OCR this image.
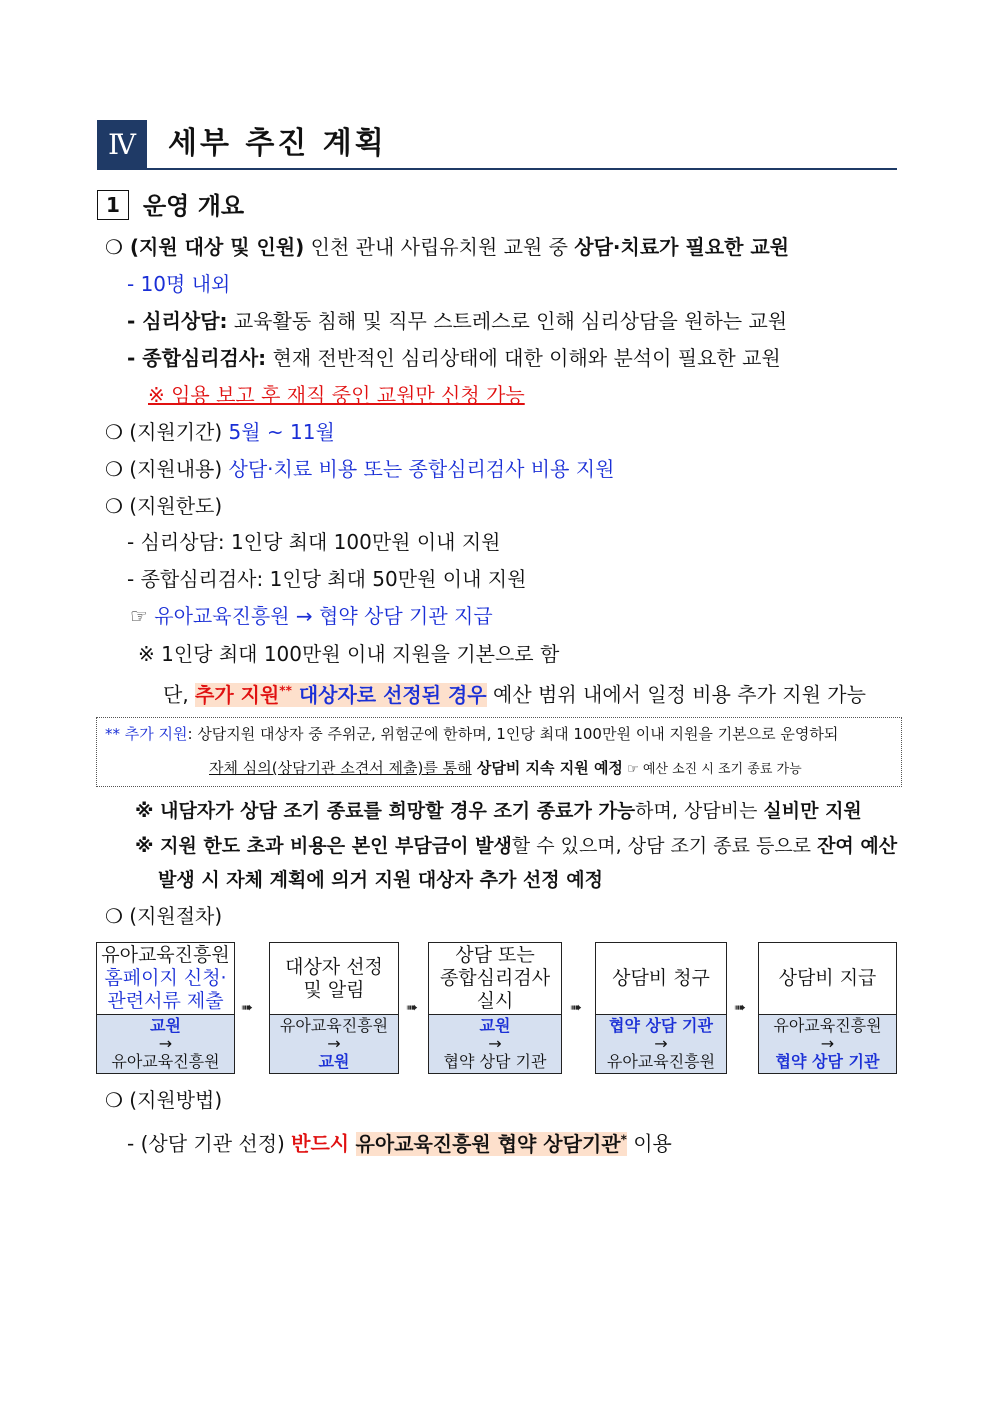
Ⅳ	세부 추진 계획
1 운영 개요
❍ (지원 대상 및 인원) 인천 관내 사립유치원 교원 중 상담·치료가 필요한 교원
- 10명 내외
- 심리상담: 교육활동 침해 및 직무 스트레스로 인해 심리상담을 원하는 교원
- 종합심리검사: 현재 전반적인 심리상태에 대한 이해와 분석이 필요한 교원
※ 임용 보고 후 재직 중인 교원만 신청 가능
❍ (지원기간) 5월 ~ 11월
❍ (지원내용) 상담·치료 비용 또는 종합심리검사 비용 지원
❍ (지원한도)
- 심리상담: 1인당 최대 100만원 이내 지원
- 종합심리검사: 1인당 최대 50만원 이내 지원
☞ 유아교육진흥원 → 협약 상담 기관 지급
※ 1인당 최대 100만원 이내 지원을 기본으로 함
단, 추가 지원** 대상자로 선정된 경우 예산 범위 내에서 일정 비용 추가 지원 가능
** 추가 지원: 상담지원 대상자 중 주위군, 위험군에 한하며, 1인당 최대 100만원 이내 지원을 기본으로 운영하되
자체 심의(상담기관 소견서 제출)를 통해 상담비 지속 지원 예정 ☞ 예산 소진 시 조기 종료 가능
※ 내담자가 상담 조기 종료를 희망할 경우 조기 종료가 가능하며, 상담비는 실비만 지원
※ 지원 한도 초과 비용은 본인 부담금이 발생할 수 있으며, 상담 조기 종료 등으로 잔여 예산
발생 시 자체 계획에 의거 지원 대상자 추가 선정 예정
❍ (지원절차)
유아교육진흥원
홈페이지 신청·
관련서류 제출
교원
→
유아교육진흥원
➠
대상자 선정
및 알림
유아교육진흥원
→
교원
➠
상담 또는
종합심리검사
실시
교원
→
협약 상담 기관
➠
상담비 청구
협약 상담 기관
→
유아교육진흥원
➠
상담비 지급
유아교육진흥원
→
협약 상담 기관
❍ (지원방법)
- (상담 기관 선정) 반드시 유아교육진흥원 협약 상담기관* 이용
